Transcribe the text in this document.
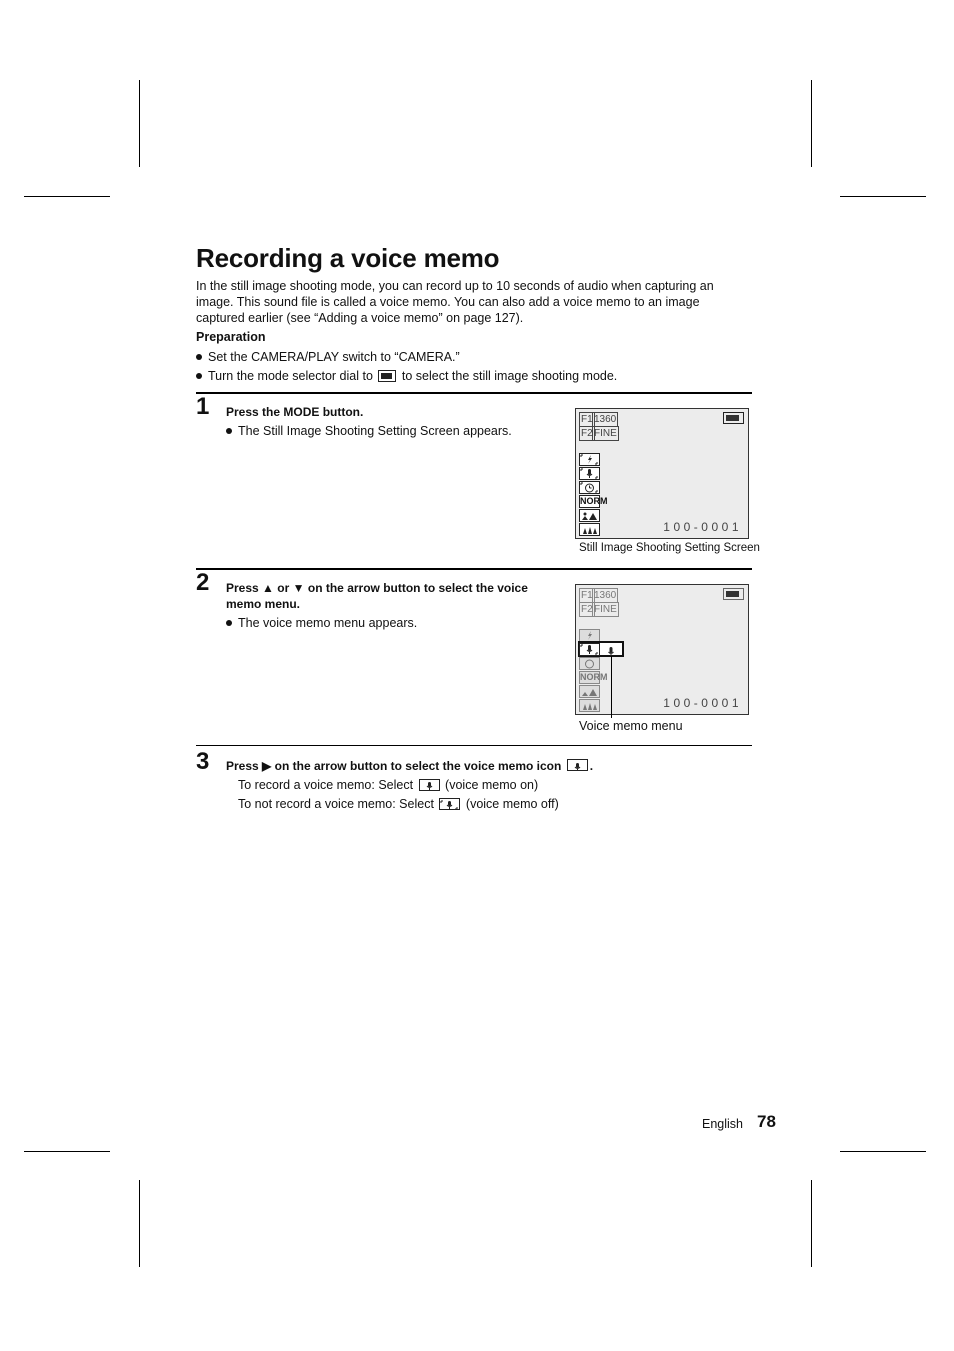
Recording a voice memo

In the still image shooting mode, you can record up to 10 seconds of audio when capturing an image. This sound file is called a voice memo. You can also add a voice memo to an image captured earlier (see “Adding a voice memo” on page 127).

Preparation
Set the CAMERA/PLAY switch to “CAMERA.”
Turn the mode selector dial to to select the still image shooting mode.
1 Press the MODE button.
The Still Image Shooting Setting Screen appears.
F1 1360
F2 FINE
NORM
100-0001
Still Image Shooting Setting Screen
2 Press ▲ or ▼ on the arrow button to select the voice
memo menu.
The voice memo menu appears.
F1 1360
F2 FINE
NORM
100-0001
Voice memo menu
3 Press ▶ on the arrow button to select the voice memo icon .
To record a voice memo: Select	(voice memo on)
To not record a voice memo: Select	(voice memo off)
English 78
